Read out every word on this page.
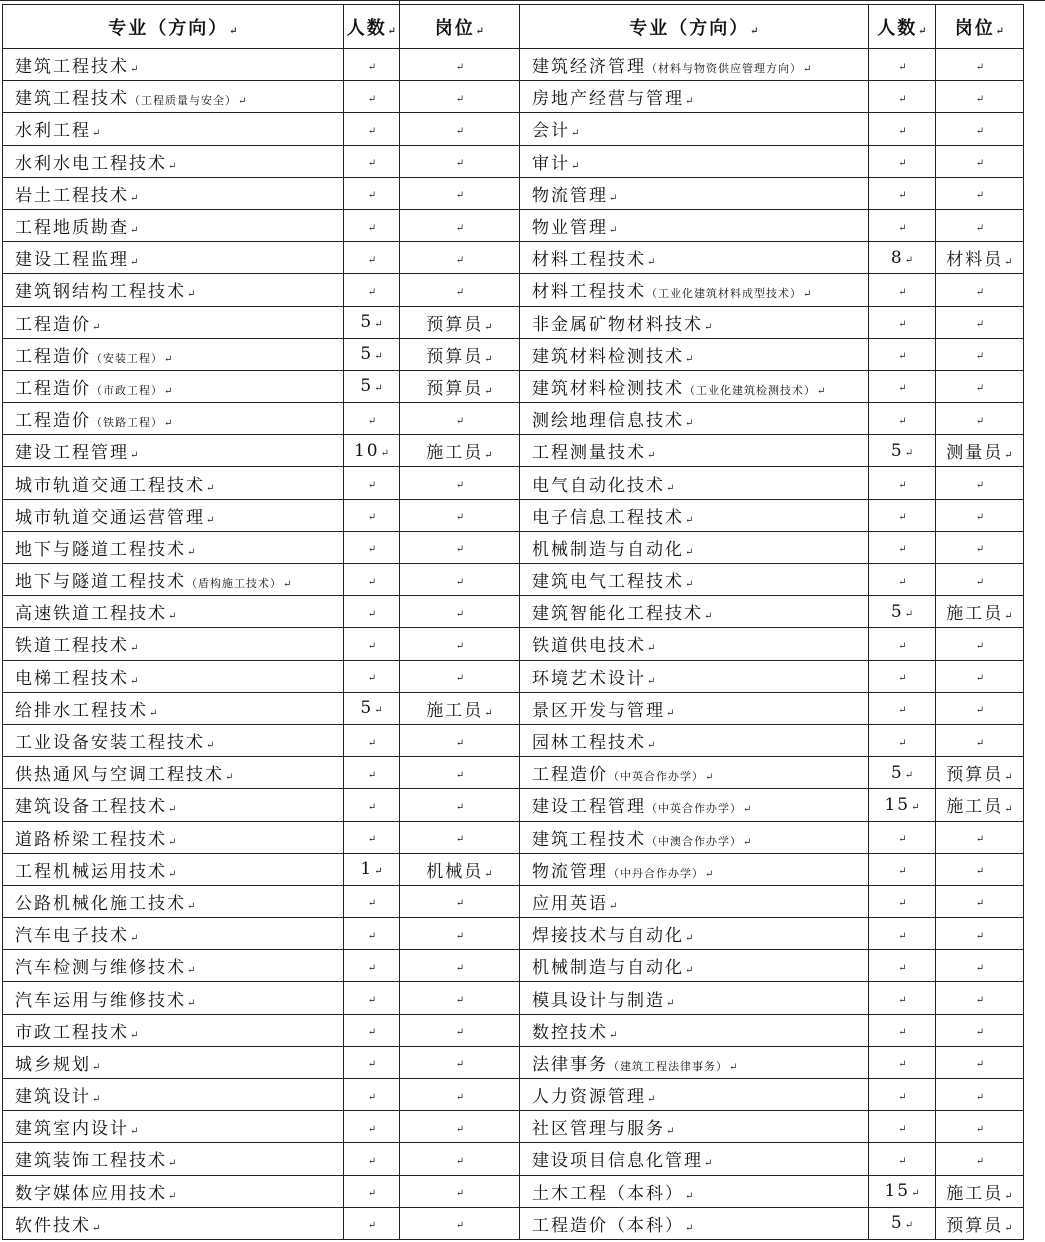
专业（方向）↵	人数↵	岗位↵	专业（方向）↵	人数↵	岗位↵
建筑工程技术↵	↵	↵	建筑经济管理（材料与物资供应管理方向）↵	↵	↵
建筑工程技术（工程质量与安全）↵	↵	↵	房地产经营与管理↵	↵	↵
水利工程↵	↵	↵	会计↵	↵	↵
水利水电工程技术↵	↵	↵	审计↵	↵	↵
岩土工程技术↵	↵	↵	物流管理↵	↵	↵
工程地质勘查↵	↵	↵	物业管理↵	↵	↵
建设工程监理↵	↵	↵	材料工程技术↵	8↵	材料员↵
建筑钢结构工程技术↵	↵	↵	材料工程技术（工业化建筑材料成型技术）↵	↵	↵
工程造价↵	5↵	预算员↵	非金属矿物材料技术↵	↵	↵
工程造价（安装工程）↵	5↵	预算员↵	建筑材料检测技术↵	↵	↵
工程造价（市政工程）↵	5↵	预算员↵	建筑材料检测技术（工业化建筑检测技术）↵	↵	↵
工程造价（铁路工程）↵	↵	↵	测绘地理信息技术↵	↵	↵
建设工程管理↵	10↵	施工员↵	工程测量技术↵	5↵	测量员↵
城市轨道交通工程技术↵	↵	↵	电气自动化技术↵	↵	↵
城市轨道交通运营管理↵	↵	↵	电子信息工程技术↵	↵	↵
地下与隧道工程技术↵	↵	↵	机械制造与自动化↵	↵	↵
地下与隧道工程技术（盾构施工技术）↵	↵	↵	建筑电气工程技术↵	↵	↵
高速铁道工程技术↵	↵	↵	建筑智能化工程技术↵	5↵	施工员↵
铁道工程技术↵	↵	↵	铁道供电技术↵	↵	↵
电梯工程技术↵	↵	↵	环境艺术设计↵	↵	↵
给排水工程技术↵	5↵	施工员↵	景区开发与管理↵	↵	↵
工业设备安装工程技术↵	↵	↵	园林工程技术↵	↵	↵
供热通风与空调工程技术↵	↵	↵	工程造价（中英合作办学）↵	5↵	预算员↵
建筑设备工程技术↵	↵	↵	建设工程管理（中英合作办学）↵	15↵	施工员↵
道路桥梁工程技术↵	↵	↵	建筑工程技术（中澳合作办学）↵	↵	↵
工程机械运用技术↵	1↵	机械员↵	物流管理（中丹合作办学）↵	↵	↵
公路机械化施工技术↵	↵	↵	应用英语↵	↵	↵
汽车电子技术↵	↵	↵	焊接技术与自动化↵	↵	↵
汽车检测与维修技术↵	↵	↵	机械制造与自动化↵	↵	↵
汽车运用与维修技术↵	↵	↵	模具设计与制造↵	↵	↵
市政工程技术↵	↵	↵	数控技术↵	↵	↵
城乡规划↵	↵	↵	法律事务（建筑工程法律事务）↵	↵	↵
建筑设计↵	↵	↵	人力资源管理↵	↵	↵
建筑室内设计↵	↵	↵	社区管理与服务↵	↵	↵
建筑装饰工程技术↵	↵	↵	建设项目信息化管理↵	↵	↵
数字媒体应用技术↵	↵	↵	土木工程（本科）↵	15↵	施工员↵
软件技术↵	↵	↵	工程造价（本科）↵	5↵	预算员↵
